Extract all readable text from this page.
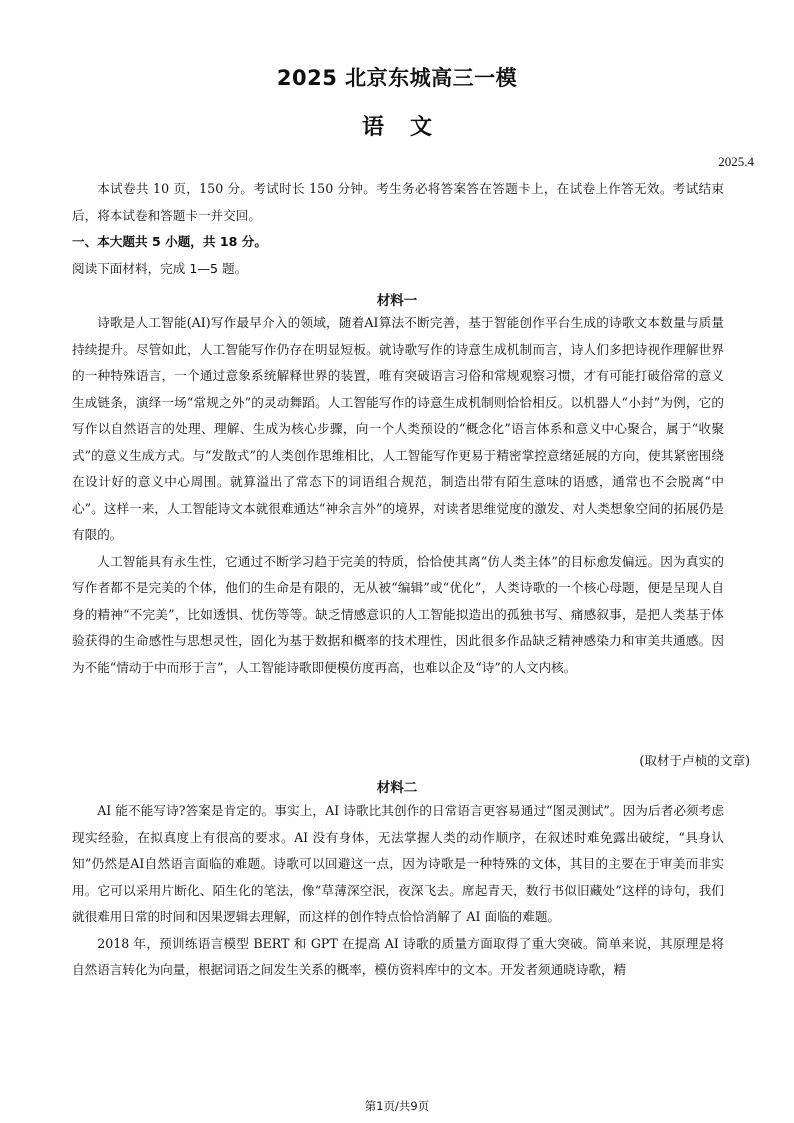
2025 北京东城高三一模
语文
2025.4

本试卷共 10 页，150 分。考试时长 150 分钟。考生务必将答案答在答题卡上，在试卷上作答无效。考试结束后，将本试卷和答题卡一并交回。

一、本大题共 5 小题，共 18 分。

阅读下面材料，完成 1—5 题。

材料一

诗歌是人工智能(AI)写作最早介入的领域，随着AI算法不断完善，基于智能创作平台生成的诗歌文本数量与质量持续提升。尽管如此，人工智能写作仍存在明显短板。就诗歌写作的诗意生成机制而言，诗人们多把诗视作理解世界的一种特殊语言，一个通过意象系统解释世界的装置，唯有突破语言习俗和常规观察习惯，才有可能打破俗常的意义生成链条，演绎一场“常规之外”的灵动舞蹈。人工智能写作的诗意生成机制则恰恰相反。以机器人“小封”为例，它的写作以自然语言的处理、理解、生成为核心步骤，向一个人类预设的“概念化”语言体系和意义中心聚合，属于“收聚式”的意义生成方式。与“发散式”的人类创作思维相比，人工智能写作更易于精密掌控意绪延展的方向，使其紧密围绕在设计好的意义中心周围。就算溢出了常态下的词语组合规范，制造出带有陌生意味的语感，通常也不会脱离“中心”。这样一来，人工智能诗文本就很难通达“神余言外”的境界，对读者思维觉度的激发、对人类想象空间的拓展仍是有限的。

人工智能具有永生性，它通过不断学习趋于完美的特质，恰恰使其离“仿人类主体”的目标愈发偏远。因为真实的写作者都不是完美的个体，他们的生命是有限的，无从被“编辑”或“优化”，人类诗歌的一个核心母题，便是呈现人自身的精神“不完美”，比如透惧、忧伤等等。缺乏情感意识的人工智能拟造出的孤独书写、痛感叙事，是把人类基于体验获得的生命感性与思想灵性，固化为基于数据和概率的技术理性，因此很多作品缺乏精神感染力和审美共通感。因为不能“情动于中而形于言”，人工智能诗歌即便模仿度再高，也难以企及“诗”的人文内核。

(取材于卢桢的文章)
材料二

AI 能不能写诗?答案是肯定的。事实上，AI 诗歌比其创作的日常语言更容易通过“图灵测试”。因为后者必须考虑现实经验，在拟真度上有很高的要求。AI 没有身体，无法掌握人类的动作顺序，在叙述时难免露出破绽，“具身认知”仍然是AI自然语言面临的难题。诗歌可以回避这一点，因为诗歌是一种特殊的文体，其目的主要在于审美而非实用。它可以采用片断化、陌生化的笔法，像“草薄深空泯，夜深飞去。席起青天，数行书似旧藏处”这样的诗句，我们就很难用日常的时间和因果逻辑去理解，而这样的创作特点恰恰消解了 AI 面临的难题。

2018 年，预训练语言模型 BERT 和 GPT 在提高 AI 诗歌的质量方面取得了重大突破。简单来说，其原理是将自然语言转化为向量，根据词语之间发生关系的概率，模仿资料库中的文本。开发者须通晓诗歌，精

第1页/共9页
